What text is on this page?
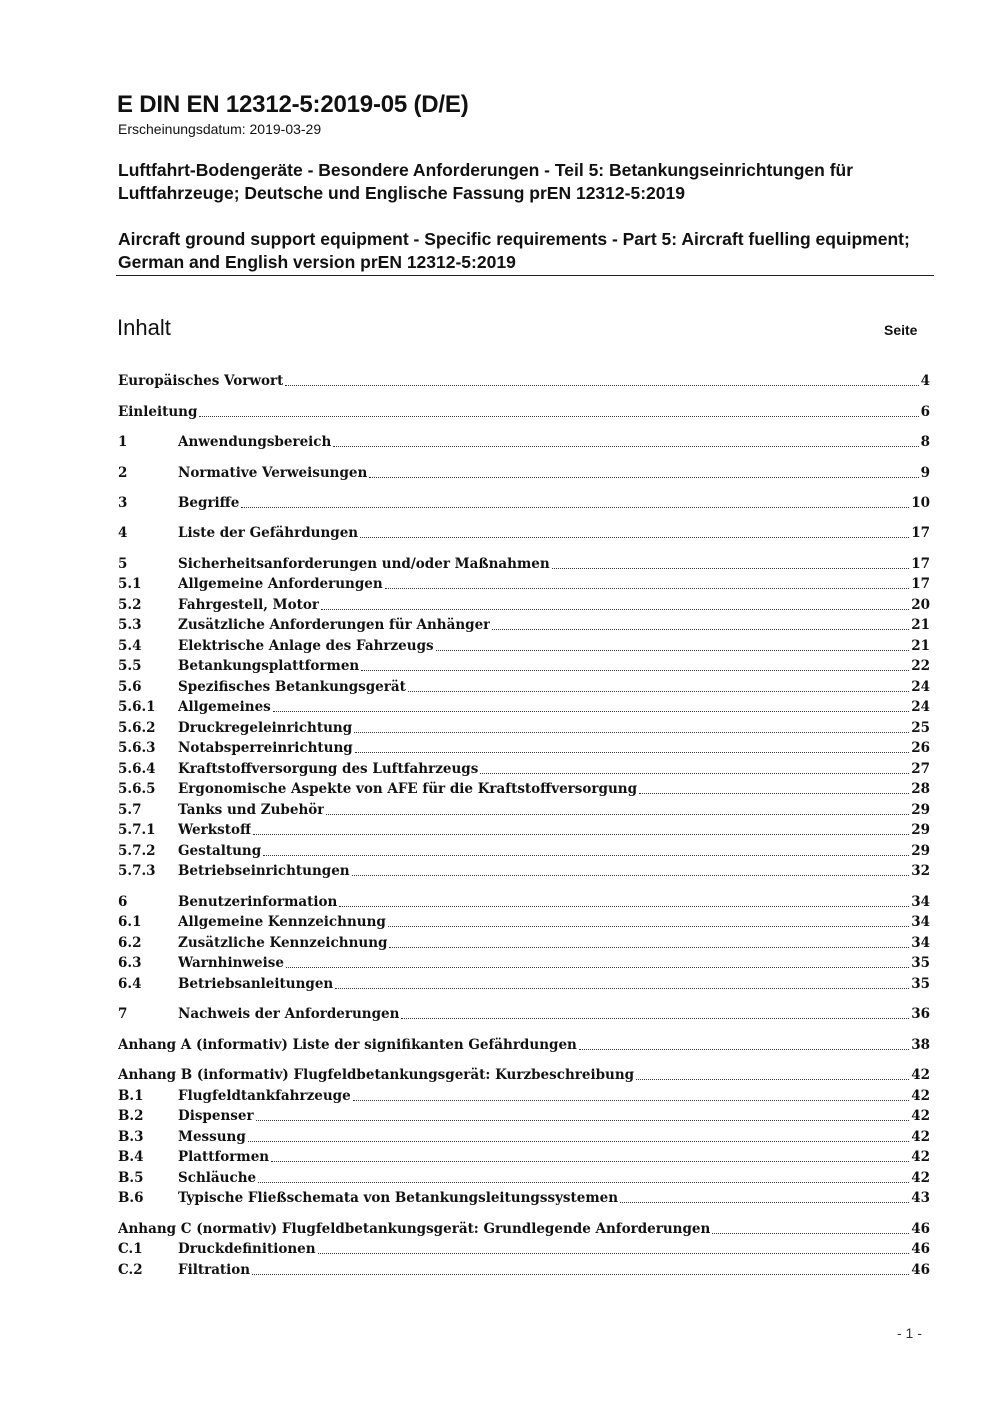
E DIN EN 12312-5:2019-05 (D/E)
Erscheinungsdatum: 2019-03-29
Luftfahrt-Bodengeräte - Besondere Anforderungen - Teil 5: Betankungseinrichtungen für Luftfahrzeuge; Deutsche und Englische Fassung prEN 12312-5:2019
Aircraft ground support equipment - Specific requirements - Part 5: Aircraft fuelling equipment; German and English version prEN 12312-5:2019
Inhalt	Seite
Europäisches Vorwort	4
Einleitung	6
1	Anwendungsbereich	8
2	Normative Verweisungen	9
3	Begriffe	10
4	Liste der Gefährdungen	17
5	Sicherheitsanforderungen und/oder Maßnahmen	17
5.1	Allgemeine Anforderungen	17
5.2	Fahrgestell, Motor	20
5.3	Zusätzliche Anforderungen für Anhänger	21
5.4	Elektrische Anlage des Fahrzeugs	21
5.5	Betankungsplattformen	22
5.6	Spezifisches Betankungsgerät	24
5.6.1	Allgemeines	24
5.6.2	Druckregeleinrichtung	25
5.6.3	Notabsperreinrichtung	26
5.6.4	Kraftstoffversorgung des Luftfahrzeugs	27
5.6.5	Ergonomische Aspekte von AFE für die Kraftstoffversorgung	28
5.7	Tanks und Zubehör	29
5.7.1	Werkstoff	29
5.7.2	Gestaltung	29
5.7.3	Betriebseinrichtungen	32
6	Benutzerinformation	34
6.1	Allgemeine Kennzeichnung	34
6.2	Zusätzliche Kennzeichnung	34
6.3	Warnhinweise	35
6.4	Betriebsanleitungen	35
7	Nachweis der Anforderungen	36
Anhang A (informativ) Liste der signifikanten Gefährdungen	38
Anhang B (informativ) Flugfeldbetankungsgerät: Kurzbeschreibung	42
B.1	Flugfeldtankfahrzeuge	42
B.2	Dispenser	42
B.3	Messung	42
B.4	Plattformen	42
B.5	Schläuche	42
B.6	Typische Fließschemata von Betankungsleitungssystemen	43
Anhang C (normativ) Flugfeldbetankungsgerät: Grundlegende Anforderungen	46
C.1	Druckdefinitionen	46
C.2	Filtration	46
- 1 -
